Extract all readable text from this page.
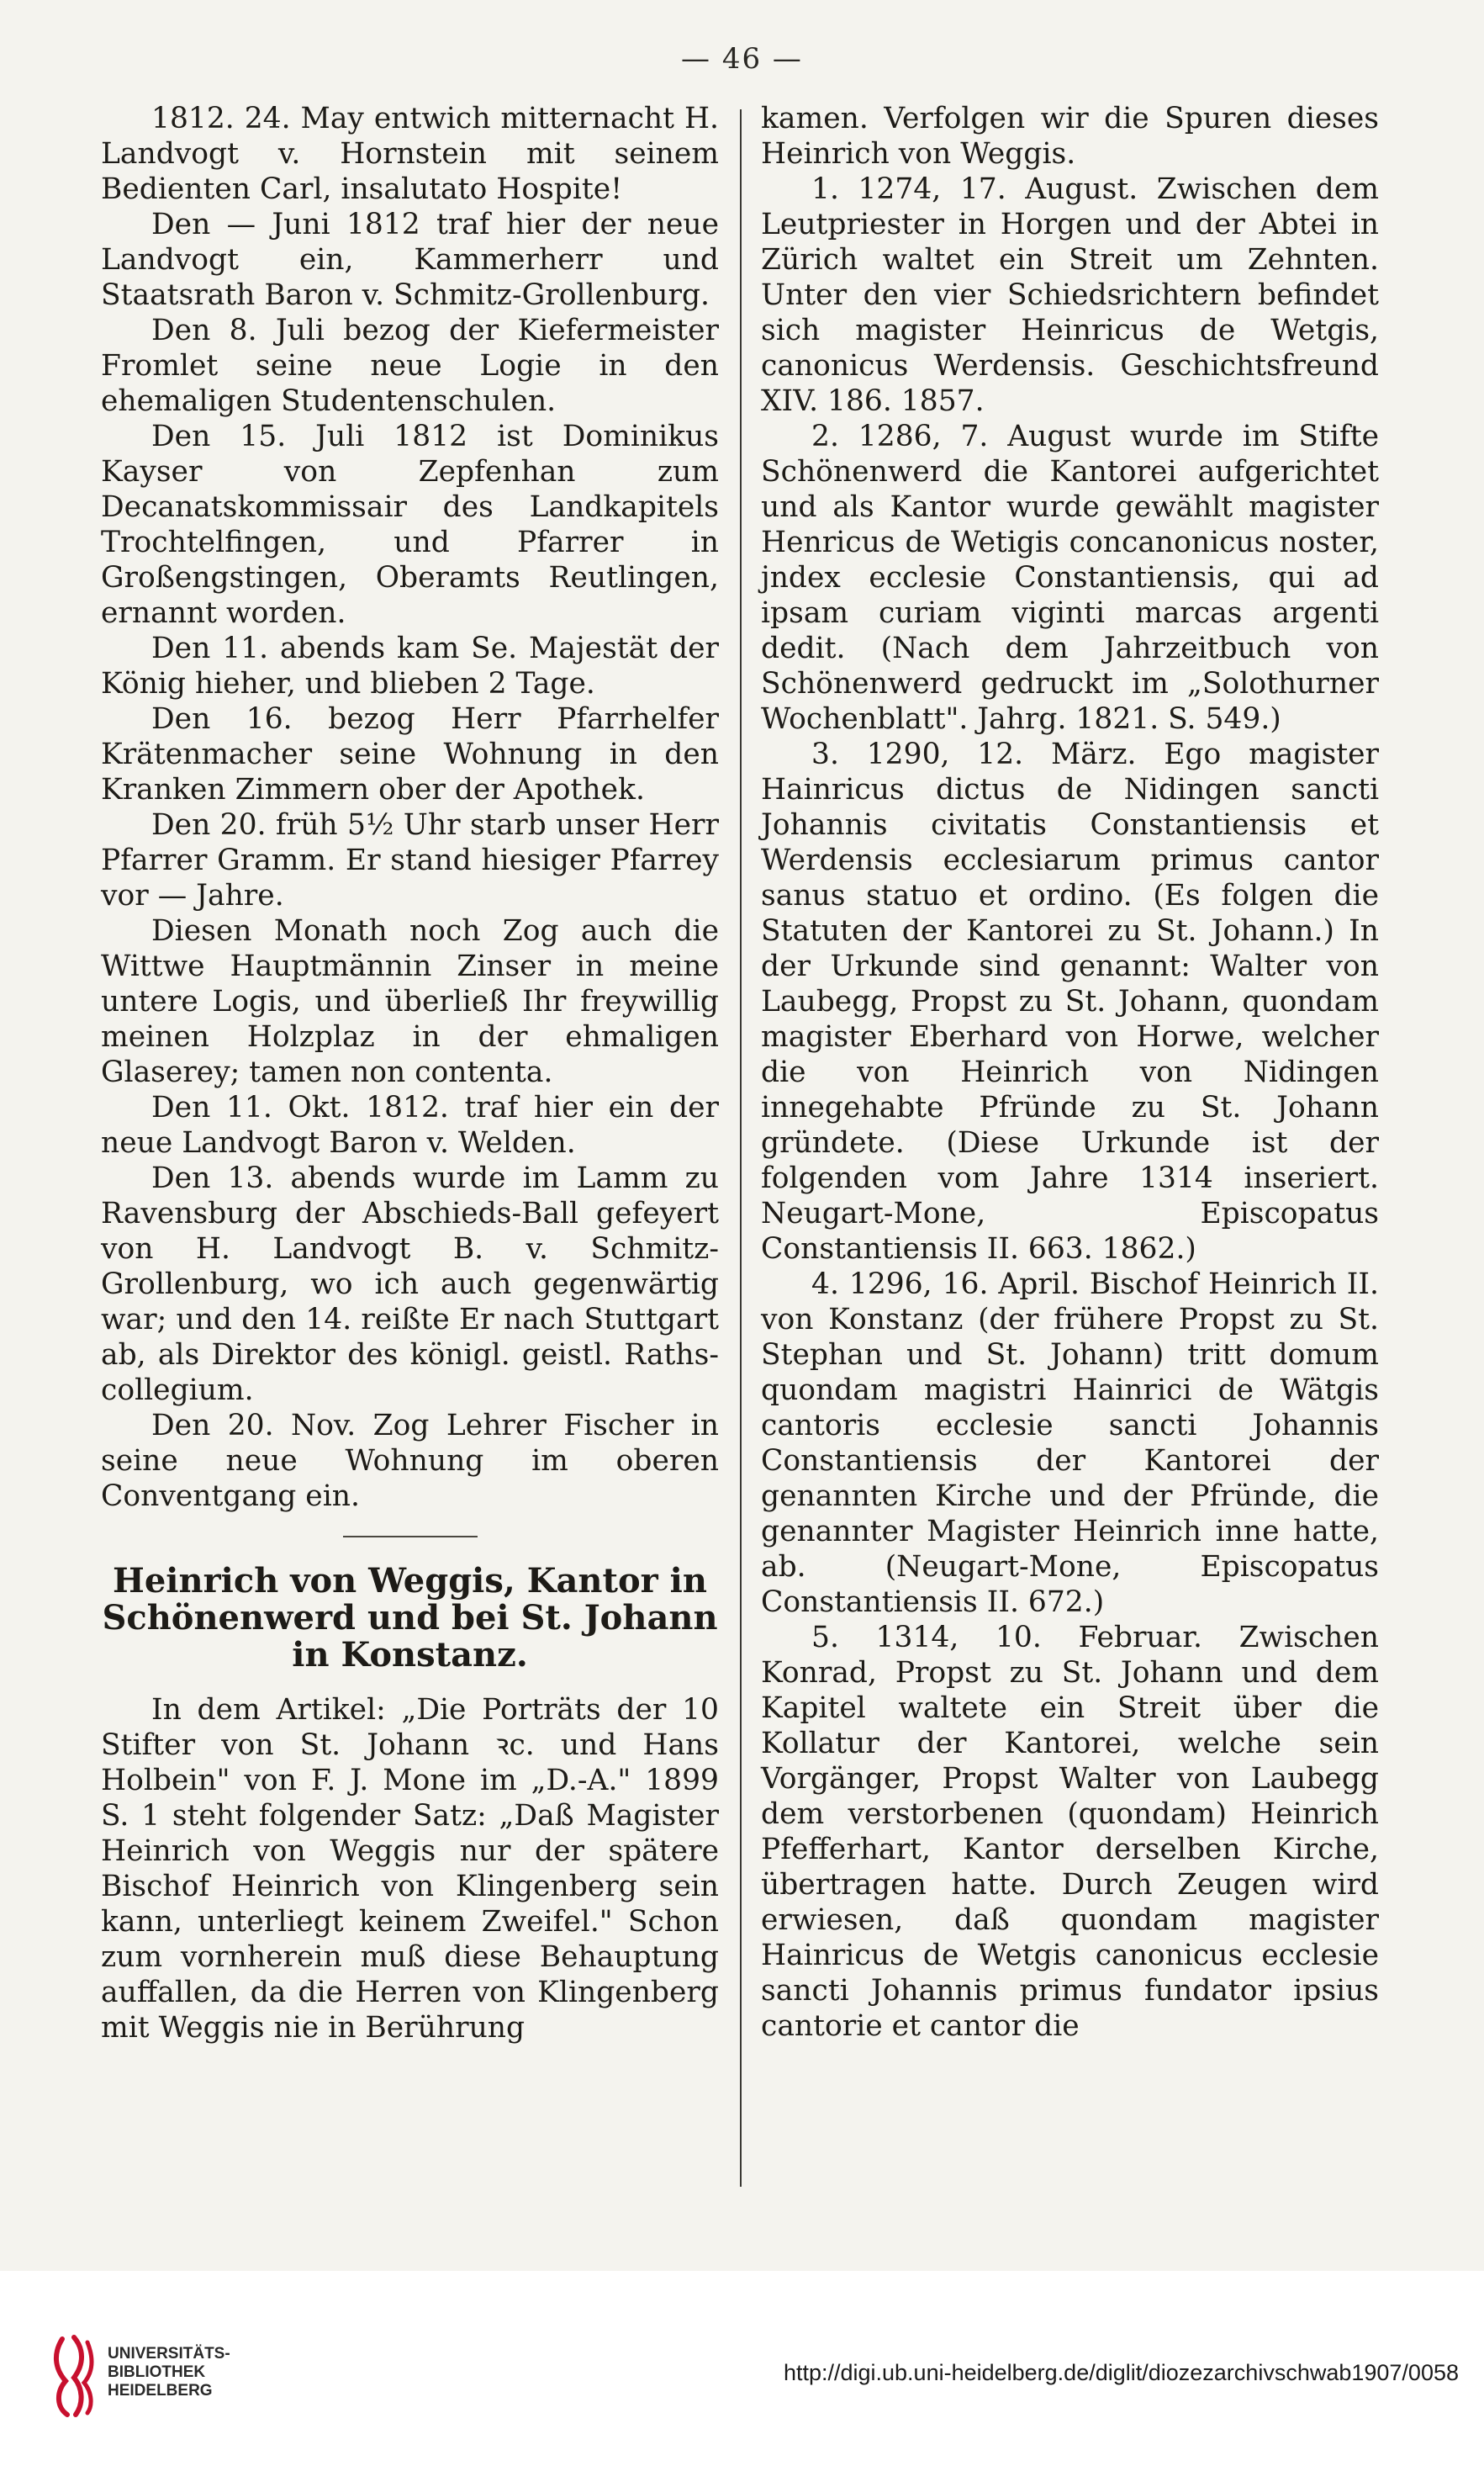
— 46 —

1812. 24. May entwich mitternacht H. Landvogt v. Hornstein mit seinem Bedienten Carl, insalutato Hospite!

Den — Juni 1812 traf hier der neue Landvogt ein, Kammerherr und Staatsrath Baron v. Schmitz-Grollenburg.

Den 8. Juli bezog der Kiefermeister Fromlet seine neue Logie in den ehemaligen Studentenschulen.

Den 15. Juli 1812 ist Dominikus Kayser von Zepfenhan zum Decanatskommissair des Landkapitels Trochtelfingen, und Pfarrer in Großengstingen, Oberamts Reutlingen, ernannt worden.

Den 11. abends kam Se. Majestät der König hieher, und blieben 2 Tage.

Den 16. bezog Herr Pfarrhelfer Krätenmacher seine Wohnung in den Kranken Zimmern ober der Apothek.

Den 20. früh 5½ Uhr starb unser Herr Pfarrer Gramm. Er stand hiesiger Pfarrey vor — Jahre.

Diesen Monath noch Zog auch die Wittwe Hauptmännin Zinser in meine untere Logis, und überließ Ihr freywillig meinen Holzplaz in der ehmaligen Glaserey; tamen non contenta.

Den 11. Okt. 1812. traf hier ein der neue Landvogt Baron v. Welden.

Den 13. abends wurde im Lamm zu Ravensburg der Abschieds-Ball gefeyert von H. Landvogt B. v. Schmitz-Grollenburg, wo ich auch gegenwärtig war; und den 14. reißte Er nach Stuttgart ab, als Direktor des königl. geistl. Raths-collegium.

Den 20. Nov. Zog Lehrer Fischer in seine neue Wohnung im oberen Conventgang ein.

Heinrich von Weggis, Kantor in Schönenwerd und bei St. Johann in Konstanz.

In dem Artikel: „Die Porträts der 10 Stifter von St. Johann ꝛc. und Hans Holbein" von F. J. Mone im „D.-A." 1899 S. 1 steht folgender Satz: „Daß Magister Heinrich von Weggis nur der spätere Bischof Heinrich von Klingenberg sein kann, unterliegt keinem Zweifel." Schon zum vornherein muß diese Behauptung auffallen, da die Herren von Klingenberg mit Weggis nie in Berührung

kamen. Verfolgen wir die Spuren dieses Heinrich von Weggis.

1. 1274, 17. August. Zwischen dem Leutpriester in Horgen und der Abtei in Zürich waltet ein Streit um Zehnten. Unter den vier Schiedsrichtern befindet sich magister Heinricus de Wetgis, canonicus Werdensis. Geschichtsfreund XIV. 186. 1857.

2. 1286, 7. August wurde im Stifte Schönenwerd die Kantorei aufgerichtet und als Kantor wurde gewählt magister Henricus de Wetigis concanonicus noster, jndex ecclesie Constantiensis, qui ad ipsam curiam viginti marcas argenti dedit. (Nach dem Jahrzeitbuch von Schönenwerd gedruckt im „Solothurner Wochenblatt". Jahrg. 1821. S. 549.)

3. 1290, 12. März. Ego magister Hainricus dictus de Nidingen sancti Johannis civitatis Constantiensis et Werdensis ecclesiarum primus cantor sanus statuo et ordino. (Es folgen die Statuten der Kantorei zu St. Johann.) In der Urkunde sind genannt: Walter von Laubegg, Propst zu St. Johann, quondam magister Eberhard von Horwe, welcher die von Heinrich von Nidingen innegehabte Pfründe zu St. Johann gründete. (Diese Urkunde ist der folgenden vom Jahre 1314 inseriert. Neugart-Mone, Episcopatus Constantiensis II. 663. 1862.)

4. 1296, 16. April. Bischof Heinrich II. von Konstanz (der frühere Propst zu St. Stephan und St. Johann) tritt domum quondam magistri Hainrici de Wätgis cantoris ecclesie sancti Johannis Constantiensis der Kantorei der genannten Kirche und der Pfründe, die genannter Magister Heinrich inne hatte, ab. (Neugart-Mone, Episcopatus Constantiensis II. 672.)

5. 1314, 10. Februar. Zwischen Konrad, Propst zu St. Johann und dem Kapitel waltete ein Streit über die Kollatur der Kantorei, welche sein Vorgänger, Propst Walter von Laubegg dem verstorbenen (quondam) Heinrich Pfefferhart, Kantor derselben Kirche, übertragen hatte. Durch Zeugen wird erwiesen, daß quondam magister Hainricus de Wetgis canonicus ecclesie sancti Johannis primus fundator ipsius cantorie et cantor die

UNIVERSITÄTS-
BIBLIOTHEK
HEIDELBERG
http://digi.ub.uni-heidelberg.de/diglit/diozezarchivschwab1907/0058
